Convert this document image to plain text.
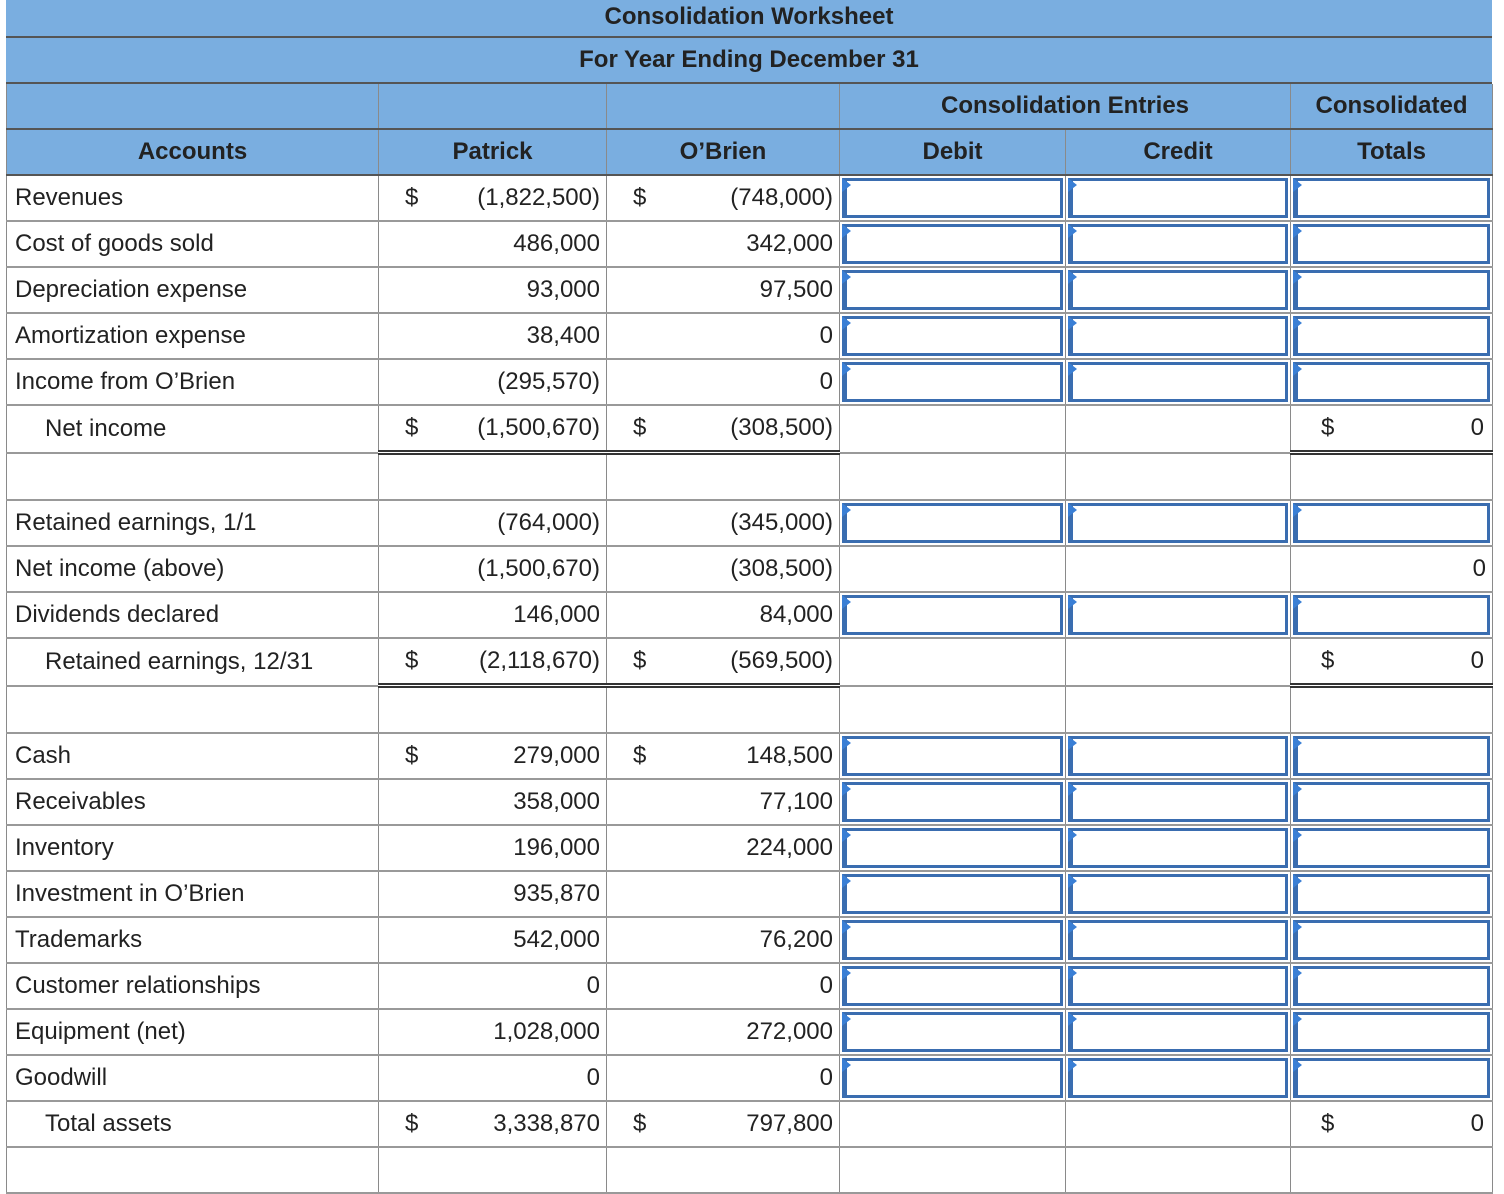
Consolidation Worksheet
For Year Ending December 31
			Consolidation Entries		Consolidated
Accounts	Patrick	O’Brien	Debit	Credit	Totals
Revenues	$ (1,822,500)	$ (748,000)	

Cost of goods sold	486,000	342,000	

Depreciation expense	93,000	97,500	

Amortization expense	38,400	0	

Income from O’Brien	(295,570)	0	

Net income	$ (1,500,670)	$ (308,500)			$ 0

Retained earnings, 1/1	(764,000)	(345,000)	

Net income (above)	(1,500,670)	(308,500)			0
Dividends declared	146,000	84,000	

Retained earnings, 12/31	$ (2,118,670)	$ (569,500)			$ 0

Cash	$ 279,000	$ 148,500	

Receivables	358,000	77,100	

Inventory	196,000	224,000	

Investment in O’Brien	935,870		

Trademarks	542,000	76,200	

Customer relationships	0	0	

Equipment (net)	1,028,000	272,000	

Goodwill	0	0	

Total assets	$ 3,338,870	$ 797,800			$ 0
